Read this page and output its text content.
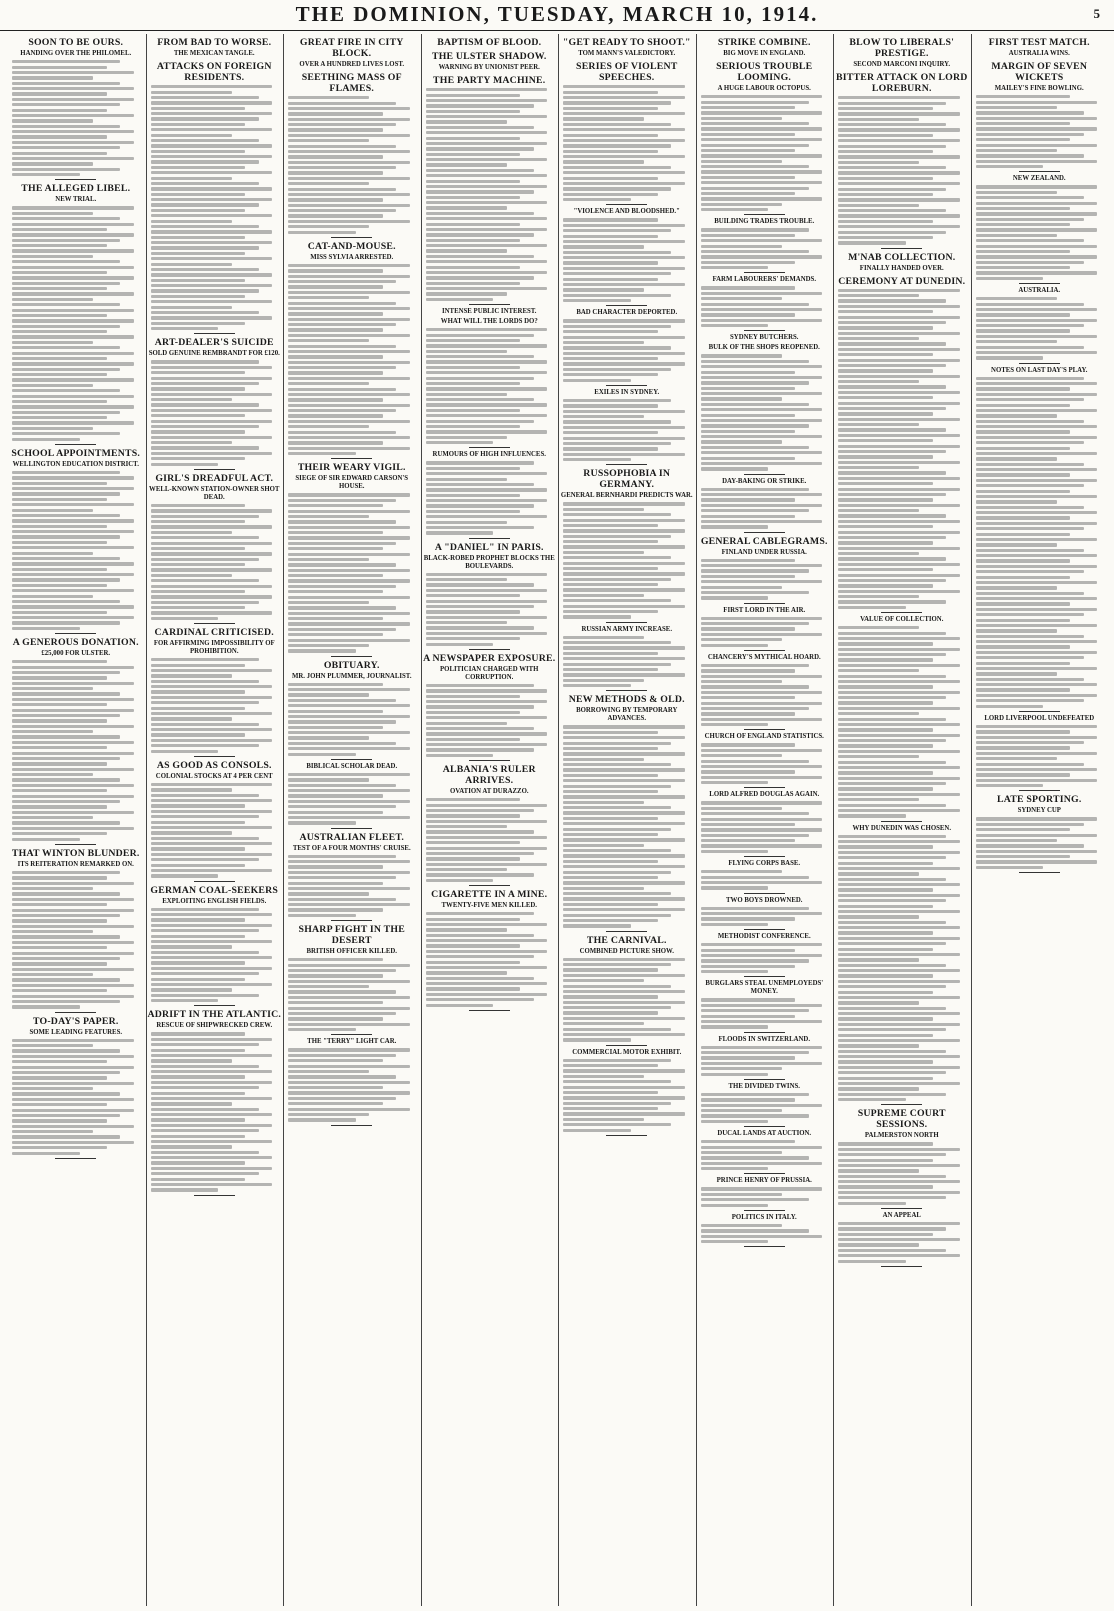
THE DOMINION, TUESDAY, MARCH 10, 1914.	5
SOON TO BE OURS.
HANDING OVER THE PHILOMEL.
THE ALLEGED LIBEL.
NEW TRIAL.
SCHOOL APPOINTMENTS.
WELLINGTON EDUCATION DISTRICT.
A GENEROUS DONATION.
£25,000 FOR ULSTER.
THAT WINTON BLUNDER.
ITS REITERATION REMARKED ON.
TO-DAY'S PAPER.
SOME LEADING FEATURES.
FROM BAD TO WORSE.
THE MEXICAN TANGLE.
ATTACKS ON FOREIGN RESIDENTS.
ART-DEALER'S SUICIDE
SOLD GENUINE REMBRANDT FOR £120.
GIRL'S DREADFUL ACT.
WELL-KNOWN STATION-OWNER SHOT DEAD.
CARDINAL CRITICISED.
FOR AFFIRMING IMPOSSIBILITY OF PROHIBITION.
AS GOOD AS CONSOLS.
COLONIAL STOCKS AT 4 PER CENT
GERMAN COAL-SEEKERS
EXPLOITING ENGLISH FIELDS.
ADRIFT IN THE ATLANTIC.
RESCUE OF SHIPWRECKED CREW.
GREAT FIRE IN CITY BLOCK.
OVER A HUNDRED LIVES LOST.
SEETHING MASS OF FLAMES.
CAT-AND-MOUSE.
MISS SYLVIA ARRESTED.
THEIR WEARY VIGIL.
SIEGE OF SIR EDWARD CARSON'S HOUSE.
OBITUARY.
MR. JOHN PLUMMER, JOURNALIST.
BIBLICAL SCHOLAR DEAD.
AUSTRALIAN FLEET.
TEST OF A FOUR MONTHS' CRUISE.
SHARP FIGHT IN THE DESERT
BRITISH OFFICER KILLED.
THE "TERRY" LIGHT CAR.
BAPTISM OF BLOOD.
THE ULSTER SHADOW.
WARNING BY UNIONIST PEER.
THE PARTY MACHINE.
INTENSE PUBLIC INTEREST.
WHAT WILL THE LORDS DO?
RUMOURS OF HIGH INFLUENCES.
A "DANIEL" IN PARIS.
BLACK-ROBED PROPHET BLOCKS THE BOULEVARDS.
A NEWSPAPER EXPOSURE.
POLITICIAN CHARGED WITH CORRUPTION.
ALBANIA'S RULER ARRIVES.
OVATION AT DURAZZO.
CIGARETTE IN A MINE.
TWENTY-FIVE MEN KILLED.
"GET READY TO SHOOT."
TOM MANN'S VALEDICTORY.
SERIES OF VIOLENT SPEECHES.
"VIOLENCE AND BLOODSHED."
BAD CHARACTER DEPORTED.
EXILES IN SYDNEY.
RUSSOPHOBIA IN GERMANY.
GENERAL BERNHARDI PREDICTS WAR.
RUSSIAN ARMY INCREASE.
NEW METHODS & OLD.
BORROWING BY TEMPORARY ADVANCES.
THE CARNIVAL.
COMBINED PICTURE SHOW.
COMMERCIAL MOTOR EXHIBIT.
STRIKE COMBINE.
BIG MOVE IN ENGLAND.
SERIOUS TROUBLE LOOMING.
A HUGE LABOUR OCTOPUS.
BUILDING TRADES TROUBLE.
FARM LABOURERS' DEMANDS.
SYDNEY BUTCHERS.
BULK OF THE SHOPS REOPENED.
DAY-BAKING OR STRIKE.
GENERAL CABLEGRAMS.
FINLAND UNDER RUSSIA.
FIRST LORD IN THE AIR.
CHANCERY'S MYTHICAL HOARD.
CHURCH OF ENGLAND STATISTICS.
LORD ALFRED DOUGLAS AGAIN.
FLYING CORPS BASE.
TWO BOYS DROWNED.
METHODIST CONFERENCE.
BURGLARS STEAL UNEMPLOYEDS' MONEY.
FLOODS IN SWITZERLAND.
THE DIVIDED TWINS.
DUCAL LANDS AT AUCTION.
PRINCE HENRY OF PRUSSIA.
POLITICS IN ITALY.
BLOW TO LIBERALS' PRESTIGE.
SECOND MARCONI INQUIRY.
BITTER ATTACK ON LORD LOREBURN.
M'NAB COLLECTION.
FINALLY HANDED OVER.
CEREMONY AT DUNEDIN.
VALUE OF COLLECTION.
WHY DUNEDIN WAS CHOSEN.
SUPREME COURT SESSIONS.
PALMERSTON NORTH
AN APPEAL
FIRST TEST MATCH.
AUSTRALIA WINS.
MARGIN OF SEVEN WICKETS
MAILEY'S FINE BOWLING.
NEW ZEALAND.
AUSTRALIA.
NOTES ON LAST DAY'S PLAY.
LORD LIVERPOOL UNDEFEATED
LATE SPORTING.
SYDNEY CUP
